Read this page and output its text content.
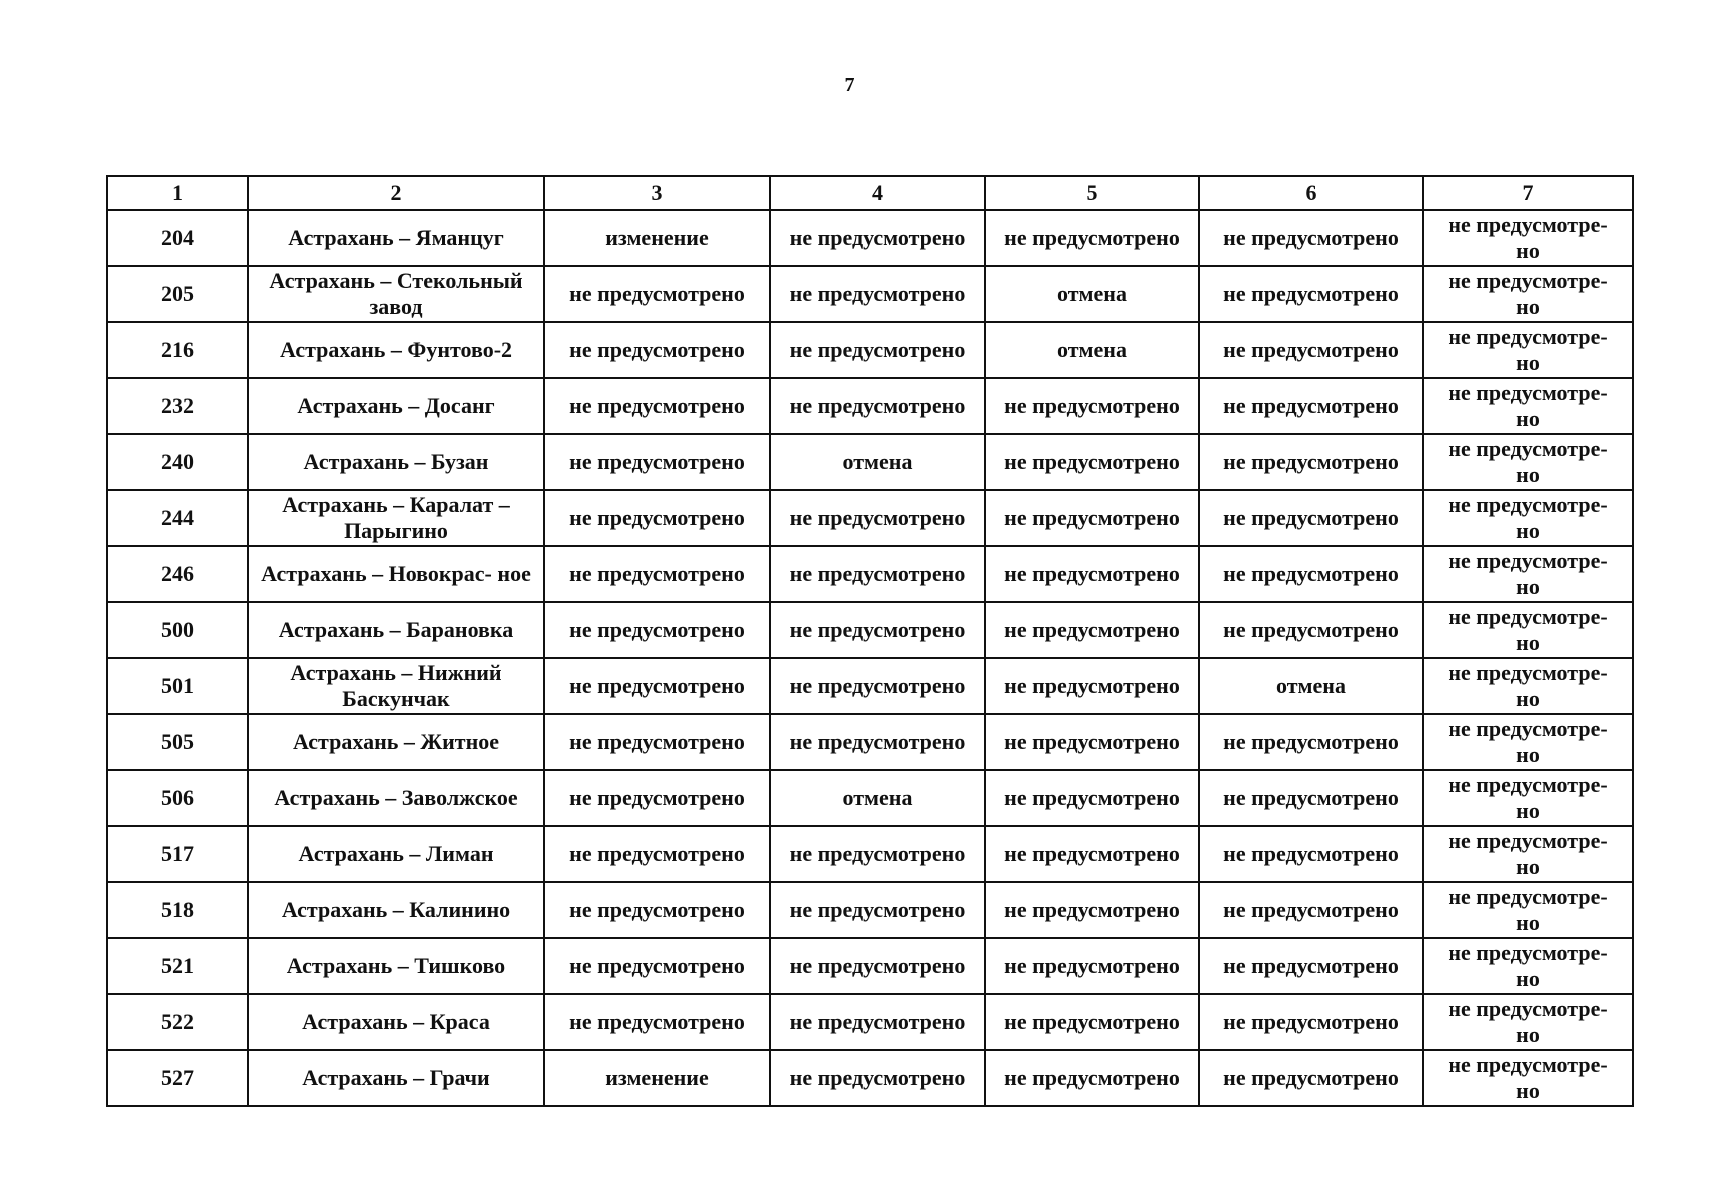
7
1	2	3	4	5	6	7
204	Астрахань – Яманцуг	изменение	не предусмотрено	не предусмотрено	не предусмотрено	не предусмотре-
но

205	Астрахань – Стекольный завод	не предусмотрено	не предусмотрено	отмена	не предусмотрено	не предусмотре-
но

216	Астрахань – Фунтово-2	не предусмотрено	не предусмотрено	отмена	не предусмотрено	не предусмотре-
но

232	Астрахань – Досанг	не предусмотрено	не предусмотрено	не предусмотрено	не предусмотрено	не предусмотре-
но

240	Астрахань – Бузан	не предусмотрено	отмена	не предусмотрено	не предусмотрено	не предусмотре-
но

244	Астрахань – Каралат – Парыгино	не предусмотрено	не предусмотрено	не предусмотрено	не предусмотрено	не предусмотре-
но

246	Астрахань – Новокрас- ное	не предусмотрено	не предусмотрено	не предусмотрено	не предусмотрено	не предусмотре-
но

500	Астрахань – Барановка	не предусмотрено	не предусмотрено	не предусмотрено	не предусмотрено	не предусмотре-
но

501	Астрахань – Нижний Баскунчак	не предусмотрено	не предусмотрено	не предусмотрено	отмена	не предусмотре-
но

505	Астрахань – Житное	не предусмотрено	не предусмотрено	не предусмотрено	не предусмотрено	не предусмотре-
но

506	Астрахань – Заволжское	не предусмотрено	отмена	не предусмотрено	не предусмотрено	не предусмотре-
но

517	Астрахань – Лиман	не предусмотрено	не предусмотрено	не предусмотрено	не предусмотрено	не предусмотре-
но

518	Астрахань – Калинино	не предусмотрено	не предусмотрено	не предусмотрено	не предусмотрено	не предусмотре-
но

521	Астрахань – Тишково	не предусмотрено	не предусмотрено	не предусмотрено	не предусмотрено	не предусмотре-
но

522	Астрахань – Краса	не предусмотрено	не предусмотрено	не предусмотрено	не предусмотрено	не предусмотре-
но

527	Астрахань – Грачи	изменение	не предусмотрено	не предусмотрено	не предусмотрено	не предусмотре-
но
